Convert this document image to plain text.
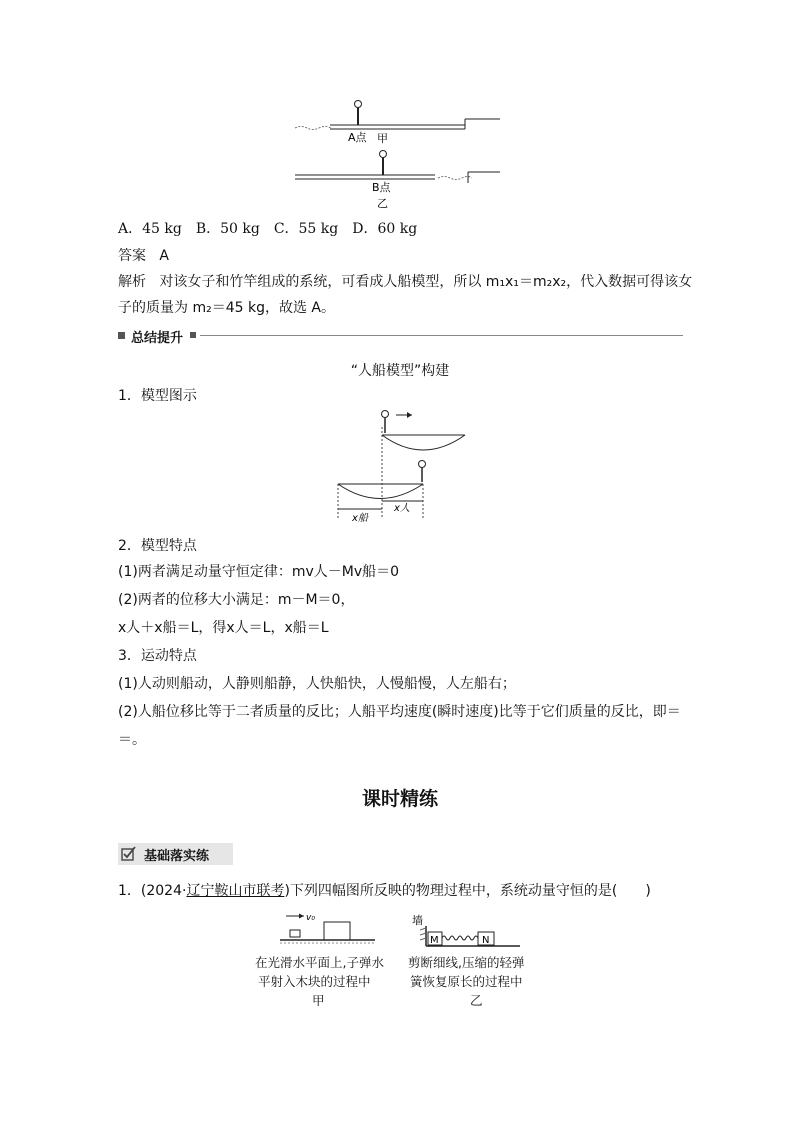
A点 甲
B点
乙
A．45 kg　B．50 kg　C．55 kg　D．60 kg
答案 A
解析 对该女子和竹竿组成的系统，可看成人船模型，所以 m₁x₁＝m₂x₂，代入数据可得该女
子的质量为 m₂＝45 kg，故选 A。
总结提升
“人船模型”构建
1．模型图示
x船
x人
2．模型特点
(1)两者满足动量守恒定律：mv人－Mv船＝0
(2)两者的位移大小满足：m－M＝0，
x人＋x船＝L，得x人＝L，x船＝L
3．运动特点
(1)人动则船动，人静则船静，人快船快，人慢船慢，人左船右；
(2)人船位移比等于二者质量的反比；人船平均速度(瞬时速度)比等于它们质量的反比，即＝
＝。
课时精练
基础落实练
1．(2024·辽宁鞍山市联考)下列四幅图所反映的物理过程中，系统动量守恒的是(　　)
v₀	墙
M	N
在光滑水平面上,子弹水
平射入木块的过程中
甲
剪断细线,压缩的轻弹
簧恢复原长的过程中
乙
